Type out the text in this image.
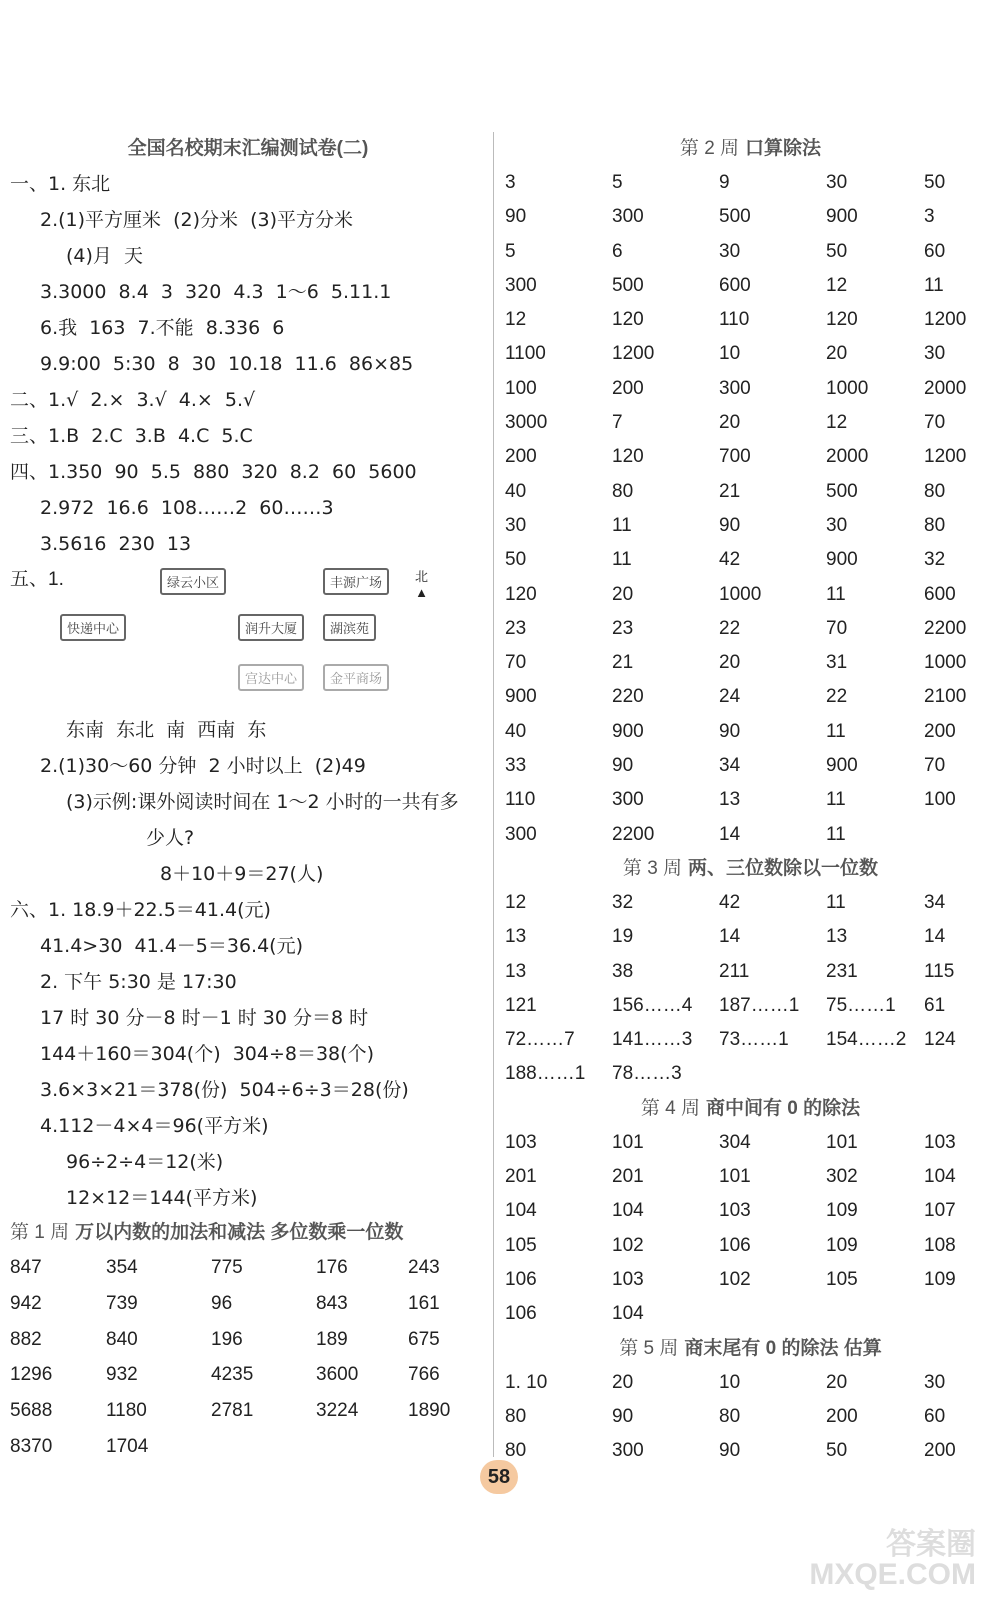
全国名校期末汇编测试卷(二)
一、1. 东北
2.(1)平方厘米  (2)分米  (3)平方分米
(4)月  天
3.3000  8.4  3  320  4.3  1～6  5.11.1
6.我  163  7.不能  8.336  6
9.9:00  5:30  8  30  10.18  11.6  86×85
二、1.√  2.×  3.√  4.×  5.√
三、1.B  2.C  3.B  4.C  5.C
四、1.350  90  5.5  880  320  8.2  60  5600
2.972  16.6  108……2  60……3
3.5616  230  13
五、1.	绿云小区	丰源广场	北
▲
快递中心	润升大厦	湖滨苑
宫达中心	金平商场
东南  东北  南  西南  东
2.(1)30～60 分钟  2 小时以上  (2)49
(3)示例:课外阅读时间在 1～2 小时的一共有多
少人?
8＋10＋9＝27(人)
六、1. 18.9＋22.5＝41.4(元)
41.4>30  41.4－5＝36.4(元)
2. 下午 5:30 是 17:30
17 时 30 分－8 时－1 时 30 分＝8 时
144＋160＝304(个)  304÷8＝38(个)
3.6×3×21＝378(份)  504÷6÷3＝28(份)
4.112－4×4＝96(平方米)
96÷2÷4＝12(米)
12×12＝144(平方米)
第 1 周 万以内数的加法和减法 多位数乘一位数
847	354	775	176	243
942	739	96	843	161
882	840	196	189	675
1296	932	4235	3600	766
5688	1180	2781	3224	1890
8370	1704
第 2 周 口算除法
3	5	9	30	50
90	300	500	900	3
5	6	30	50	60
300	500	600	12	11
12	120	110	120	1200
1100	1200	10	20	30
100	200	300	1000	2000
3000	7	20	12	70
200	120	700	2000	1200
40	80	21	500	80
30	11	90	30	80
50	11	42	900	32
120	20	1000	11	600
23	23	22	70	2200
70	21	20	31	1000
900	220	24	22	2100
40	900	90	11	200
33	90	34	900	70
110	300	13	11	100
300	2200	14	11
第 3 周 两、三位数除以一位数
12	32	42	11	34
13	19	14	13	14
13	38	211	231	115
121	156……4	187……1	75……1	61
72……7	141……3	73……1	154……2 124
188……1	78……3
第 4 周 商中间有 0 的除法
103	101	304	101	103
201	201	101	302	104
104	104	103	109	107
105	102	106	109	108
106	103	102	105	109
106	104
第 5 周 商末尾有 0 的除法 估算
1. 10	20	10	20	30
80	90	80	200	60
80	300	90	50	200
58
答案圈
MXQE.COM
